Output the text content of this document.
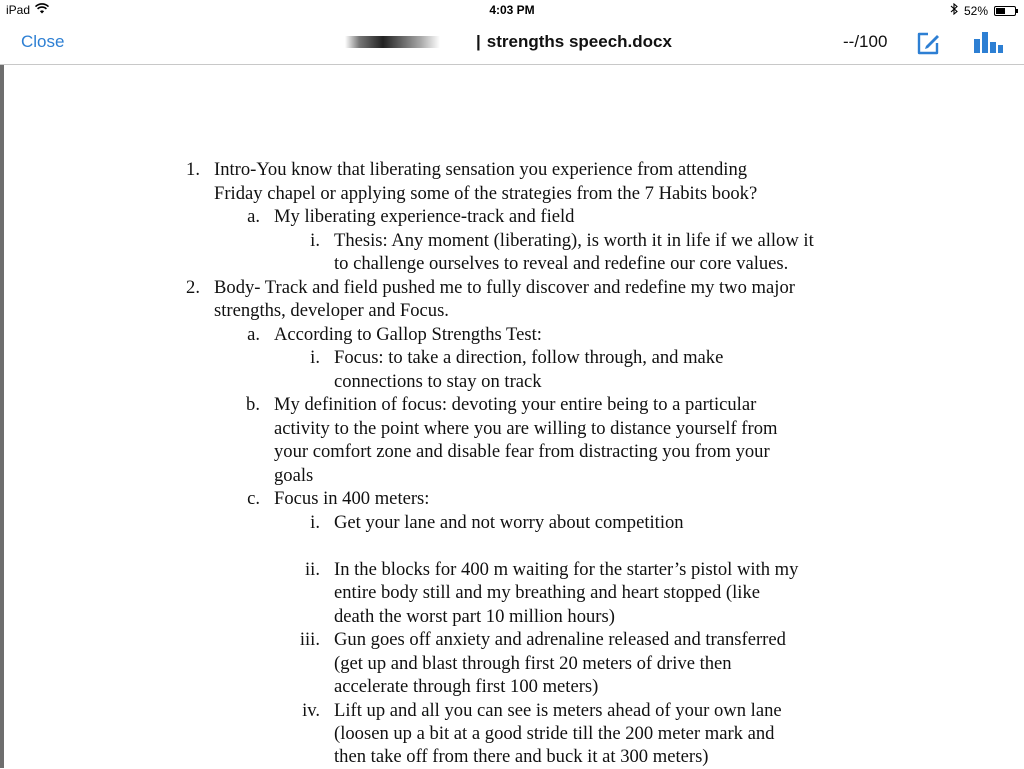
iPad	4:03 PM	52%
Close	| strengths speech.docx	--/100
1. Intro-You know that liberating sensation you experience from attending
Friday chapel or applying some of the strategies from the 7 Habits book?
a. My liberating experience-track and field
i. Thesis: Any moment (liberating), is worth it in life if we allow it
to challenge ourselves to reveal and redefine our core values.
2. Body- Track and field pushed me to fully discover and redefine my two major
strengths, developer and Focus.
a. According to Gallop Strengths Test:
i. Focus: to take a direction, follow through, and make
connections to stay on track
b. My definition of focus: devoting your entire being to a particular
activity to the point where you are willing to distance yourself from
your comfort zone and disable fear from distracting you from your
goals
c. Focus in 400 meters:
i. Get your lane and not worry about competition
ii. In the blocks for 400 m waiting for the starter’s pistol with my
entire body still and my breathing and heart stopped (like
death the worst part 10 million hours)
iii. Gun goes off anxiety and adrenaline released and transferred
(get up and blast through first 20 meters of drive then
accelerate through first 100 meters)
iv. Lift up and all you can see is meters ahead of your own lane
(loosen up a bit at a good stride till the 200 meter mark and
then take off from there and buck it at 300 meters)
